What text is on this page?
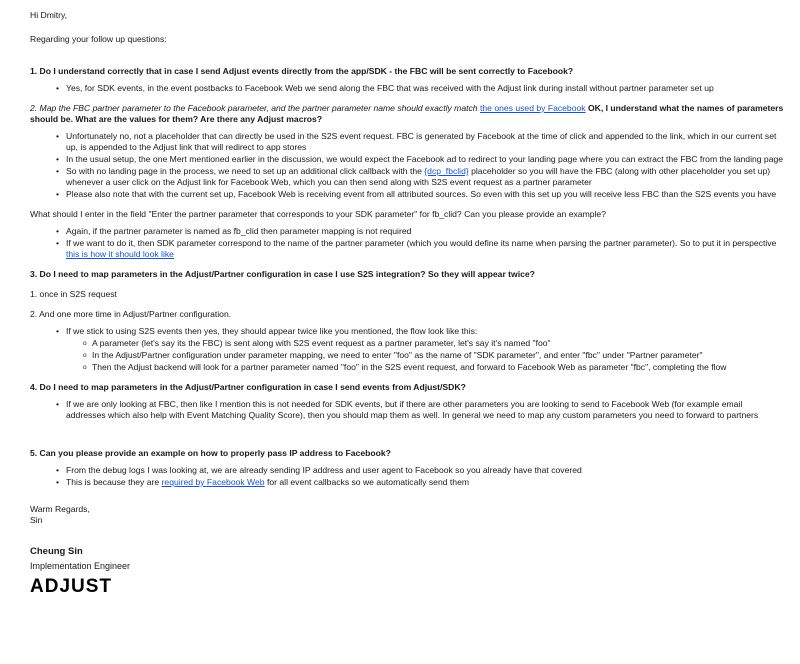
Hi Dmitry,

Regarding your follow up questions:

1. Do I understand correctly that in case I send Adjust events directly from the app/SDK - the FBC will be sent correctly to Facebook?

• Yes, for SDK events, in the event postbacks to Facebook Web we send along the FBC that was received with the Adjust link during install without partner parameter set up

2. Map the FBC partner parameter to the Facebook parameter, and the partner parameter name should exactly match the ones used by Facebook OK, I understand what the names of parameters should be. What are the values for them? Are there any Adjust macros?

• Unfortunately no, not a placeholder that can directly be used in the S2S event request. FBC is generated by Facebook at the time of click and appended to the link, which in our current set up, is appended to the Adjust link that will redirect to app stores
• In the usual setup, the one Mert mentioned earlier in the discussion, we would expect the Facebook ad to redirect to your landing page where you can extract the FBC from the landing page
• So with no landing page in the process, we need to set up an additional click callback with the {dcp_fbclid} placeholder so you will have the FBC (along with other placeholder you set up) whenever a user click on the Adjust link for Facebook Web, which you can then send along with S2S event request as a partner parameter
• Please also note that with the current set up, Facebook Web is receiving event from all attributed sources. So even with this set up you will receive less FBC than the S2S events you have

What should I enter in the field "Enter the partner parameter that corresponds to your SDK parameter" for fb_clid? Can you please provide an example?

• Again, if the partner parameter is named as fb_clid then parameter mapping is not required
• If we want to do it, then SDK parameter correspond to the name of the partner parameter (which you would define its name when parsing the partner parameter). So to put it in perspective this is how it should look like

3. Do I need to map parameters in the Adjust/Partner configuration in case I use S2S integration? So they will appear twice?

1. once in S2S request

2. And one more time in Adjust/Partner configuration.

• If we stick to using S2S events then yes, they should appear twice like you mentioned, the flow look like this:
o A parameter (let's say its the FBC) is sent along with S2S event request as a partner parameter, let's say it's named "foo"
o In the Adjust/Partner configuration under parameter mapping, we need to enter "foo" as the name of "SDK parameter", and enter "fbc" under "Partner parameter"
o Then the Adjust backend will look for a partner parameter named "foo" in the S2S event request, and forward to Facebook Web as parameter "fbc", completing the flow

4. Do I need to map parameters in the Adjust/Partner configuration in case I send events from Adjust/SDK?

• If we are only looking at FBC, then like I mention this is not needed for SDK events, but if there are other parameters you are looking to send to Facebook Web (for example email addresses which also help with Event Matching Quality Score), then you should map them as well. In general we need to map any custom parameters you need to forward to partners

5. Can you please provide an example on how to properly pass IP address to Facebook?

• From the debug logs I was looking at, we are already sending IP address and user agent to Facebook so you already have that covered
• This is because they are required by Facebook Web for all event callbacks so we automatically send them

Warm Regards,

Sin

Cheung Sin

Implementation Engineer

ADJUST
